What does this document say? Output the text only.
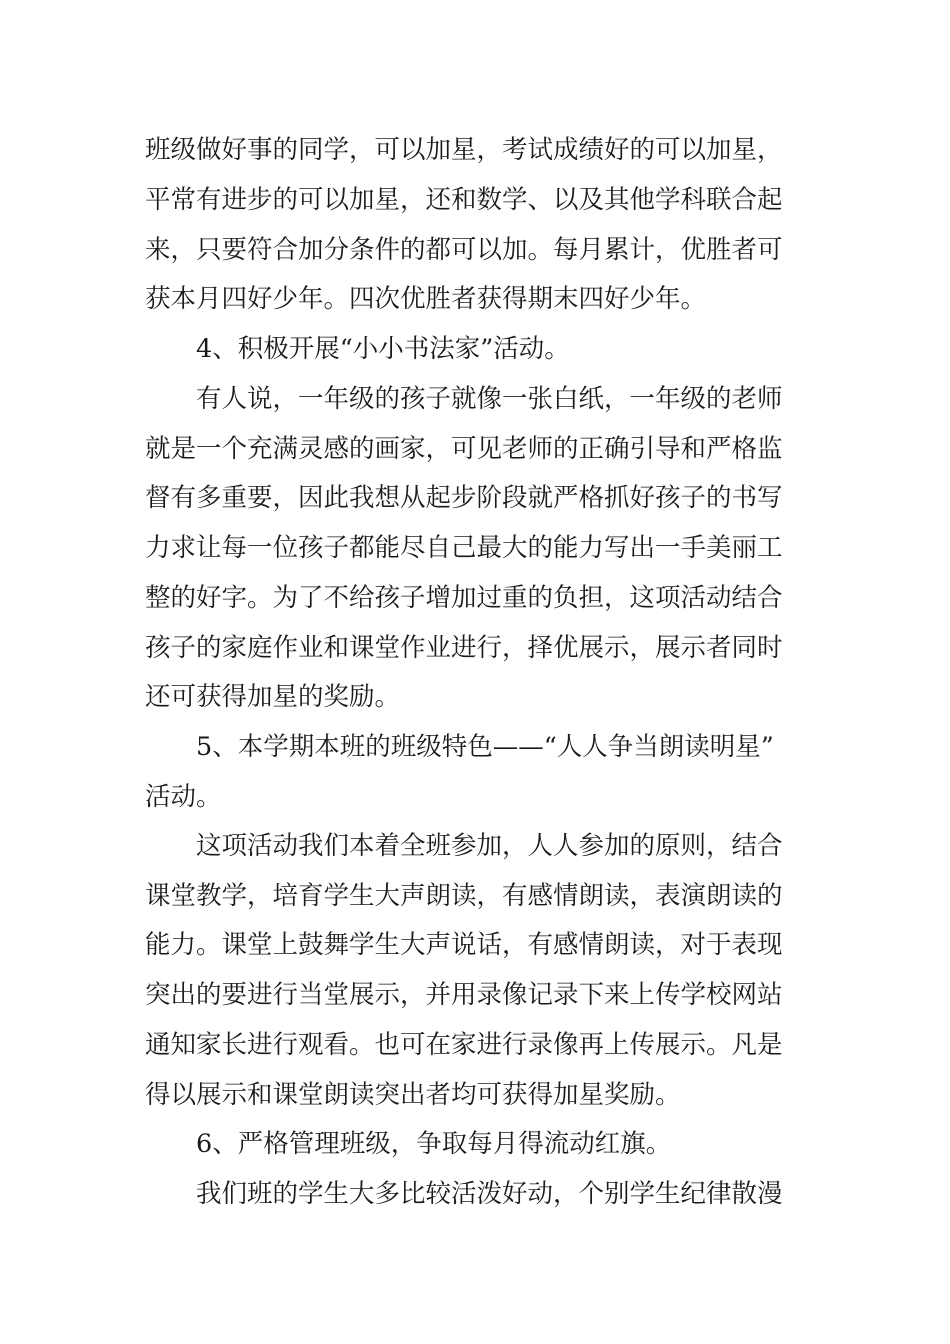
班级做好事的同学，可以加星，考试成绩好的可以加星，
平常有进步的可以加星，还和数学、以及其他学科联合起
来，只要符合加分条件的都可以加。每月累计，优胜者可
获本月四好少年。四次优胜者获得期末四好少年。
4、积极开展“小小书法家”活动。
有人说，一年级的孩子就像一张白纸，一年级的老师
就是一个充满灵感的画家，可见老师的正确引导和严格监
督有多重要，因此我想从起步阶段就严格抓好孩子的书写
力求让每一位孩子都能尽自己最大的能力写出一手美丽工
整的好字。为了不给孩子增加过重的负担，这项活动结合
孩子的家庭作业和课堂作业进行，择优展示，展示者同时
还可获得加星的奖励。
5、本学期本班的班级特色——“人人争当朗读明星”
活动。
这项活动我们本着全班参加，人人参加的原则，结合
课堂教学，培育学生大声朗读，有感情朗读，表演朗读的
能力。课堂上鼓舞学生大声说话，有感情朗读，对于表现
突出的要进行当堂展示，并用录像记录下来上传学校网站
通知家长进行观看。也可在家进行录像再上传展示。凡是
得以展示和课堂朗读突出者均可获得加星奖励。
6、严格管理班级，争取每月得流动红旗。
我们班的学生大多比较活泼好动，个别学生纪律散漫
